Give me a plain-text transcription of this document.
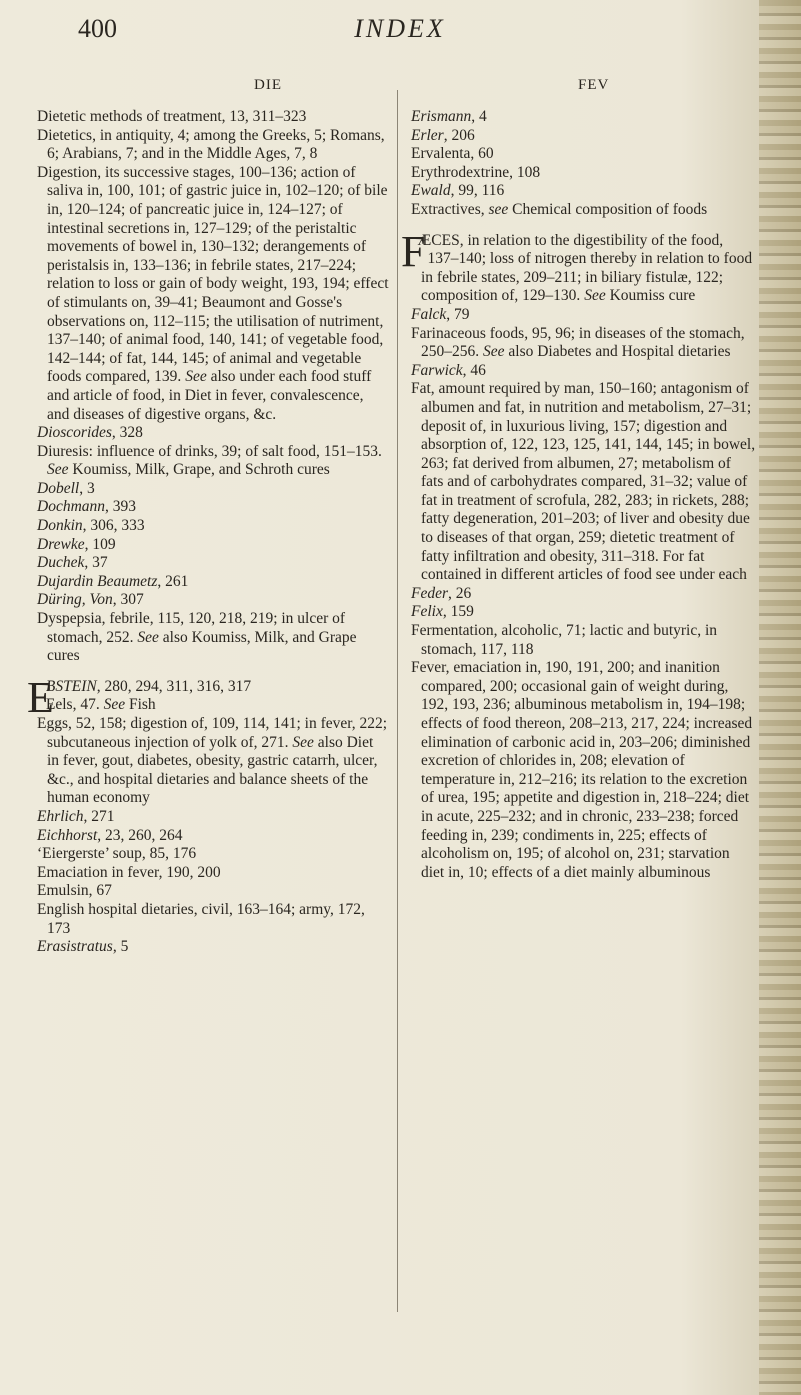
400	INDEX
DIE	FEV

Dietetic methods of treatment, 13, 311–323

Dietetics, in antiquity, 4; among the Greeks, 5; Romans, 6; Arabians, 7; and in the Middle Ages, 7, 8

Digestion, its successive stages, 100–136; action of saliva in, 100, 101; of gastric juice in, 102–120; of bile in, 120–124; of pancreatic juice in, 124–127; of intestinal secretions in, 127–129; of the peristaltic movements of bowel in, 130–132; derangements of peristalsis in, 133–136; in febrile states, 217–224; relation to loss or gain of body weight, 193, 194; effect of stimulants on, 39–41; Beaumont and Gosse's observations on, 112–115; the utilisation of nutriment, 137–140; of animal food, 140, 141; of vegetable food, 142–144; of fat, 144, 145; of animal and vegetable foods compared, 139. See also under each food stuff and article of food, in Diet in fever, convalescence, and diseases of digestive organs, &c.

Dioscorides, 328

Diuresis: influence of drinks, 39; of salt food, 151–153. See Koumiss, Milk, Grape, and Schroth cures

Dobell, 3

Dochmann, 393

Donkin, 306, 333

Drewke, 109

Duchek, 37

Dujardin Beaumetz, 261

Düring, Von, 307

Dyspepsia, febrile, 115, 120, 218, 219; in ulcer of stomach, 252. See also Koumiss, Milk, and Grape cures

E
BSTEIN, 280, 294, 311, 316, 317

Eels, 47. See Fish

Eggs, 52, 158; digestion of, 109, 114, 141; in fever, 222; subcutaneous injection of yolk of, 271. See also Diet in fever, gout, diabetes, obesity, gastric catarrh, ulcer, &c., and hospital dietaries and balance sheets of the human economy

Ehrlich, 271

Eichhorst, 23, 260, 264

‘Eiergerste’ soup, 85, 176

Emaciation in fever, 190, 200

Emulsin, 67

English hospital dietaries, civil, 163–164; army, 172, 173

Erasistratus, 5

Erismann, 4

Erler, 206

Ervalenta, 60

Erythrodextrine, 108

Ewald, 99, 116

Extractives, see Chemical composition of foods

F
ÆCES, in relation to the digestibility of the food, 137–140; loss of nitrogen thereby in relation to food in febrile states, 209–211; in biliary fistulæ, 122; composition of, 129–130. See Koumiss cure

Falck, 79

Farinaceous foods, 95, 96; in diseases of the stomach, 250–256. See also Diabetes and Hospital dietaries

Farwick, 46

Fat, amount required by man, 150–160; antagonism of albumen and fat, in nutrition and metabolism, 27–31; deposit of, in luxurious living, 157; digestion and absorption of, 122, 123, 125, 141, 144, 145; in bowel, 263; fat derived from albumen, 27; metabolism of fats and of carbohydrates compared, 31–32; value of fat in treatment of scrofula, 282, 283; in rickets, 288; fatty degeneration, 201–203; of liver and obesity due to diseases of that organ, 259; dietetic treatment of fatty infiltration and obesity, 311–318. For fat contained in different articles of food see under each

Feder, 26

Felix, 159

Fermentation, alcoholic, 71; lactic and butyric, in stomach, 117, 118

Fever, emaciation in, 190, 191, 200; and inanition compared, 200; occasional gain of weight during, 192, 193, 236; albuminous metabolism in, 194–198; effects of food thereon, 208–213, 217, 224; increased elimination of carbonic acid in, 203–206; diminished excretion of chlorides in, 208; elevation of temperature in, 212–216; its relation to the excretion of urea, 195; appetite and digestion in, 218–224; diet in acute, 225–232; and in chronic, 233–238; forced feeding in, 239; condiments in, 225; effects of alcoholism on, 195; of alcohol on, 231; starvation diet in, 10; effects of a diet mainly albuminous
